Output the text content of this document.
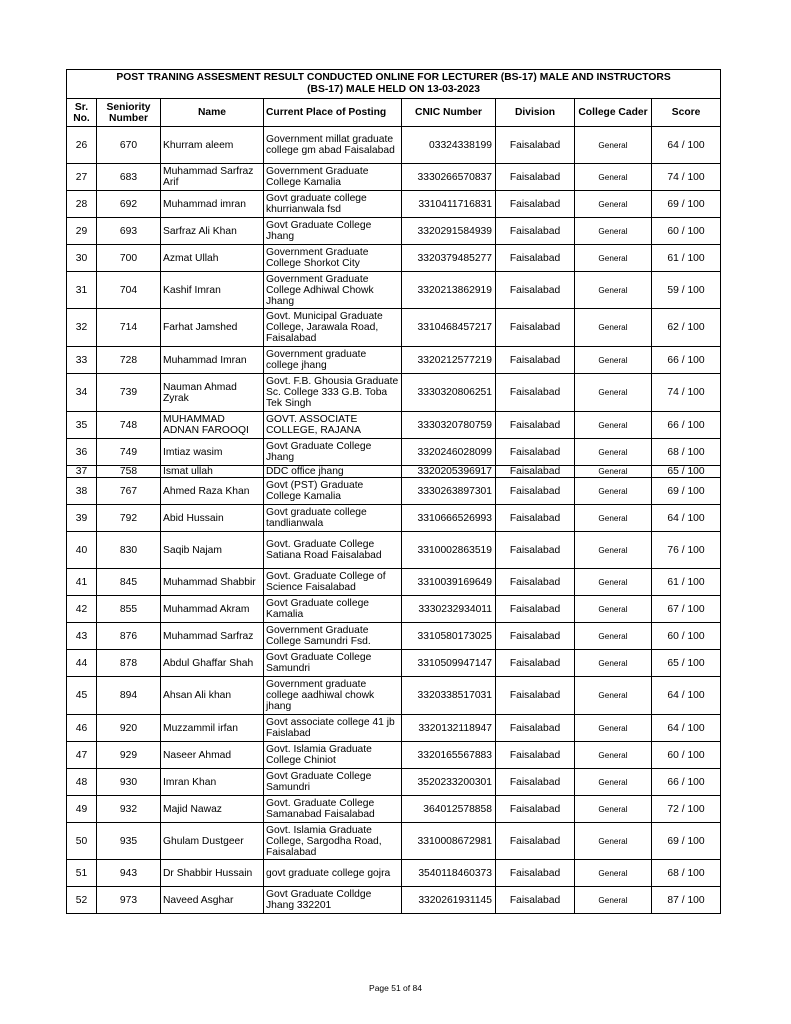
POST TRANING ASSESMENT RESULT CONDUCTED ONLINE FOR LECTURER (BS-17) MALE AND INSTRUCTORS
(BS-17) MALE HELD ON 13-03-2023							

Sr. No.	Seniority Number	Name	Current Place of Posting	CNIC Number	Division	College Cader	Score
26	670	Khurram aleem	Government millat graduate college gm abad Faisalabad	03324338199	Faisalabad	General	64 / 100
27	683	Muhammad Sarfraz Arif	Government Graduate College Kamalia	3330266570837	Faisalabad	General	74 / 100
28	692	Muhammad imran	Govt graduate college khurrianwala fsd	3310411716831	Faisalabad	General	69 / 100
29	693	Sarfraz Ali Khan	Govt Graduate College Jhang	3320291584939	Faisalabad	General	60 / 100
30	700	Azmat Ullah	Government Graduate College Shorkot City	3320379485277	Faisalabad	General	61 / 100
31	704	Kashif Imran	Government Graduate College Adhiwal Chowk Jhang	3320213862919	Faisalabad	General	59 / 100
32	714	Farhat Jamshed	Govt. Municipal Graduate College, Jarawala Road, Faisalabad	3310468457217	Faisalabad	General	62 / 100
33	728	Muhammad Imran	Government graduate college jhang	3320212577219	Faisalabad	General	66 / 100
34	739	Nauman Ahmad Zyrak	Govt. F.B. Ghousia Graduate Sc. College 333 G.B. Toba Tek Singh	3330320806251	Faisalabad	General	74 / 100
35	748	MUHAMMAD ADNAN FAROOQI	GOVT. ASSOCIATE COLLEGE, RAJANA	3330320780759	Faisalabad	General	66 / 100
36	749	Imtiaz wasim	Govt Graduate College Jhang	3320246028099	Faisalabad	General	68 / 100
37	758	Ismat ullah	DDC office jhang	3320205396917	Faisalabad	General	65 / 100
38	767	Ahmed Raza Khan	Govt (PST) Graduate College Kamalia	3330263897301	Faisalabad	General	69 / 100
39	792	Abid Hussain	Govt graduate college tandlianwala	3310666526993	Faisalabad	General	64 / 100
40	830	Saqib Najam	Govt. Graduate College Satiana Road Faisalabad	3310002863519	Faisalabad	General	76 / 100
41	845	Muhammad Shabbir	Govt. Graduate College of Science Faisalabad	3310039169649	Faisalabad	General	61 / 100
42	855	Muhammad Akram	Govt Graduate college Kamalia	3330232934011	Faisalabad	General	67 / 100
43	876	Muhammad Sarfraz	Government Graduate College Samundri Fsd.	3310580173025	Faisalabad	General	60 / 100
44	878	Abdul Ghaffar Shah	Govt Graduate College Samundri	3310509947147	Faisalabad	General	65 / 100
45	894	Ahsan Ali khan	Government graduate college aadhiwal chowk jhang	3320338517031	Faisalabad	General	64 / 100
46	920	Muzzammil irfan	Govt associate college 41 jb Faislabad	3320132118947	Faisalabad	General	64 / 100
47	929	Naseer Ahmad	Govt. Islamia Graduate College Chiniot	3320165567883	Faisalabad	General	60 / 100
48	930	Imran Khan	Govt Graduate College Samundri	3520233200301	Faisalabad	General	66 / 100
49	932	Majid Nawaz	Govt. Graduate College Samanabad Faisalabad	364012578858	Faisalabad	General	72 / 100
50	935	Ghulam Dustgeer	Govt. Islamia Graduate College, Sargodha Road, Faisalabad	3310008672981	Faisalabad	General	69 / 100
51	943	Dr Shabbir Hussain	govt graduate college gojra	3540118460373	Faisalabad	General	68 / 100
52	973	Naveed Asghar	Govt Graduate Colldge Jhang 332201	3320261931145	Faisalabad	General	87 / 100
Page 51 of 84
